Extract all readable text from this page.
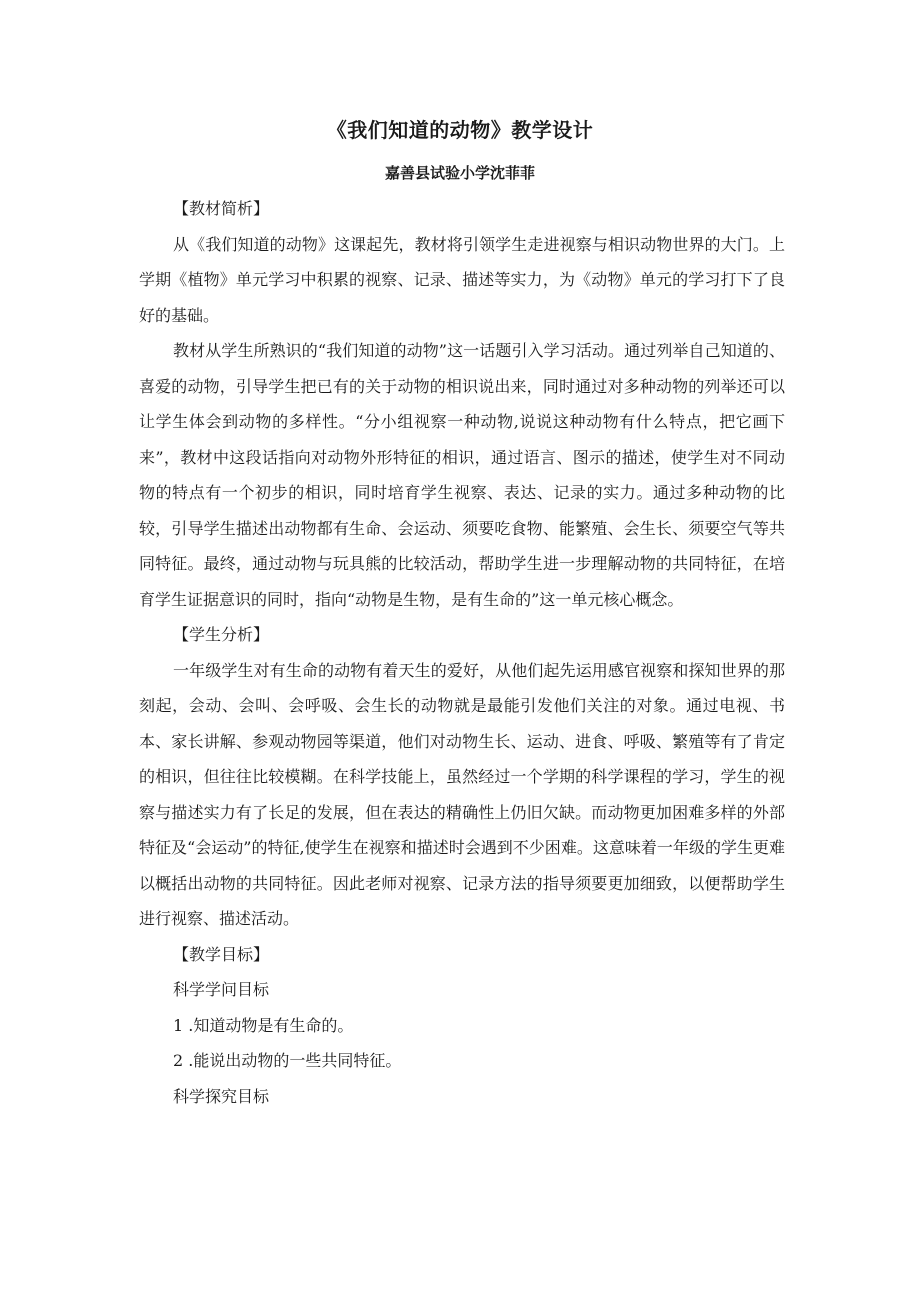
《我们知道的动物》教学设计
嘉善县试验小学沈菲菲

【教材简析】

从《我们知道的动物》这课起先，教材将引领学生走进视察与相识动物世界的大门。上学期《植物》单元学习中积累的视察、记录、描述等实力，为《动物》单元的学习打下了良好的基础。

教材从学生所熟识的“我们知道的动物”这一话题引入学习活动。通过列举自己知道的、喜爱的动物，引导学生把已有的关于动物的相识说出来，同时通过对多种动物的列举还可以让学生体会到动物的多样性。“分小组视察一种动物,说说这种动物有什么特点，把它画下来”，教材中这段话指向对动物外形特征的相识，通过语言、图示的描述，使学生对不同动物的特点有一个初步的相识，同时培育学生视察、表达、记录的实力。通过多种动物的比较，引导学生描述出动物都有生命、会运动、须要吃食物、能繁殖、会生长、须要空气等共同特征。最终，通过动物与玩具熊的比较活动，帮助学生进一步理解动物的共同特征，在培育学生证据意识的同时，指向“动物是生物，是有生命的”这一单元核心概念。

【学生分析】

一年级学生对有生命的动物有着天生的爱好，从他们起先运用感官视察和探知世界的那刻起，会动、会叫、会呼吸、会生长的动物就是最能引发他们关注的对象。通过电视、书本、家长讲解、参观动物园等渠道，他们对动物生长、运动、进食、呼吸、繁殖等有了肯定的相识，但往往比较模糊。在科学技能上，虽然经过一个学期的科学课程的学习，学生的视察与描述实力有了长足的发展，但在表达的精确性上仍旧欠缺。而动物更加困难多样的外部特征及“会运动”的特征,使学生在视察和描述时会遇到不少困难。这意味着一年级的学生更难以概括出动物的共同特征。因此老师对视察、记录方法的指导须要更加细致，以便帮助学生进行视察、描述活动。

【教学目标】

科学学问目标

1 .知道动物是有生命的。

2 .能说出动物的一些共同特征。

科学探究目标
